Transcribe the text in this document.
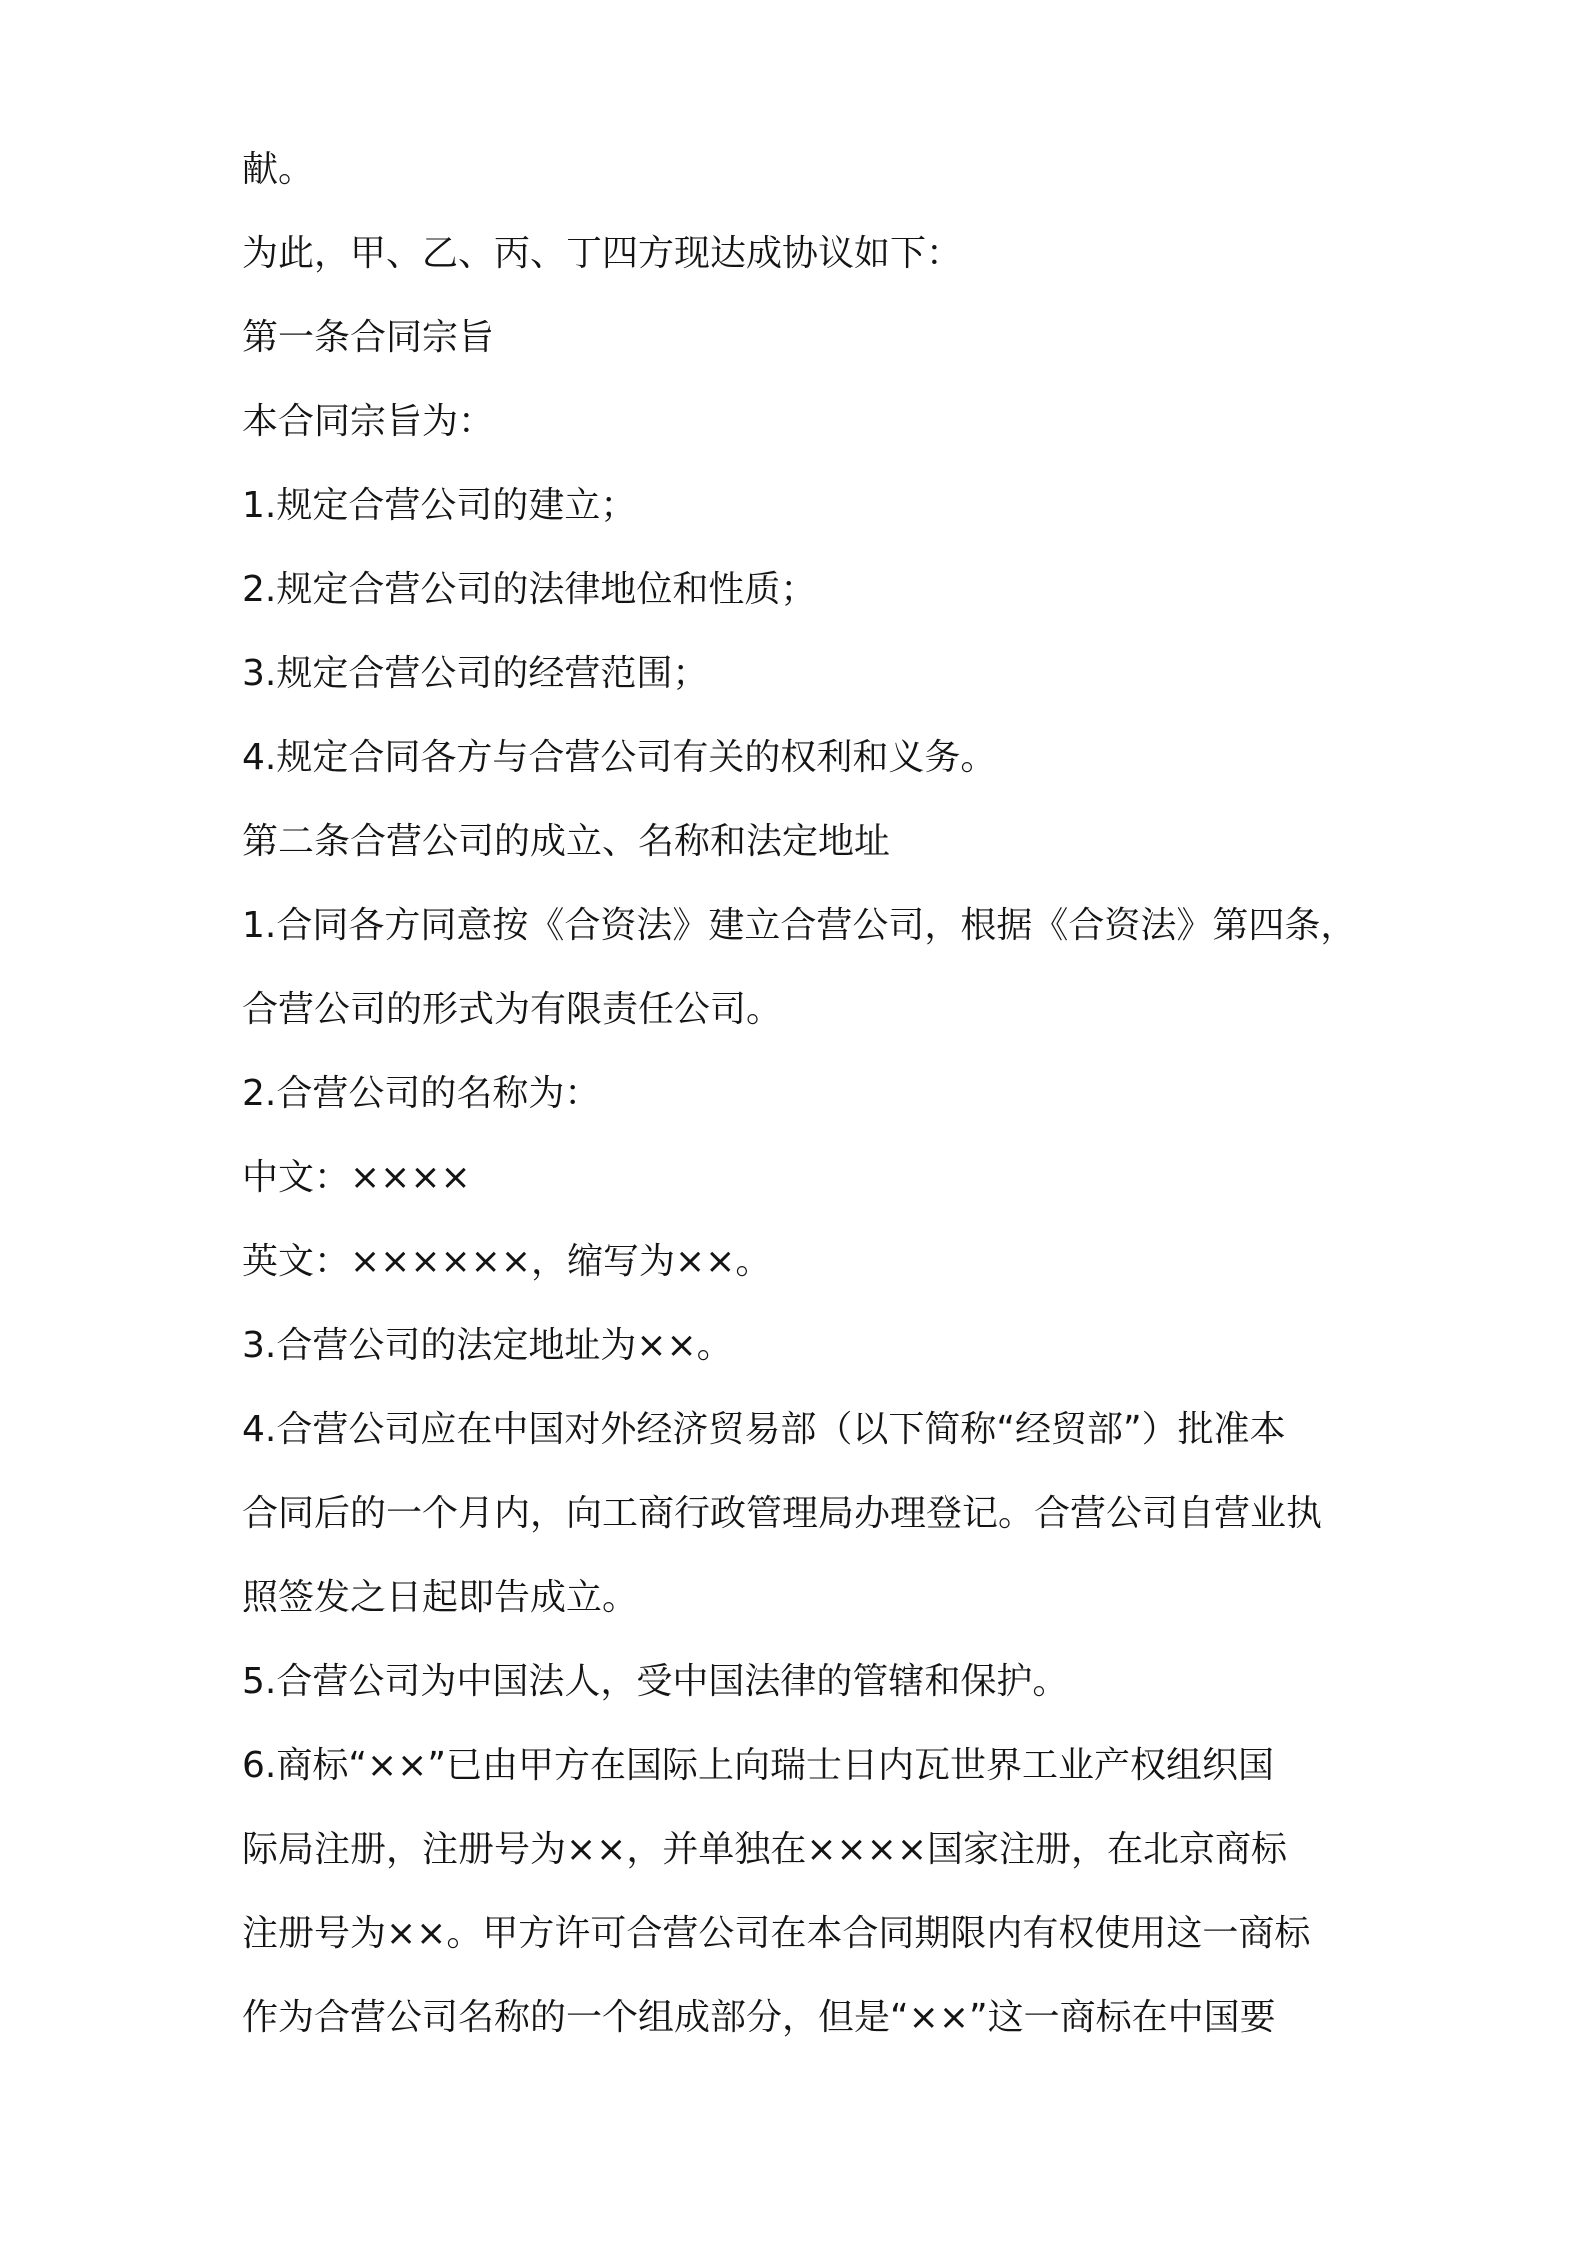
献。
为此，甲、乙、丙、丁四方现达成协议如下：
第一条合同宗旨
本合同宗旨为：
1.规定合营公司的建立；
2.规定合营公司的法律地位和性质；
3.规定合营公司的经营范围；
4.规定合同各方与合营公司有关的权利和义务。
第二条合营公司的成立、名称和法定地址
1.合同各方同意按《合资法》建立合营公司，根据《合资法》第四条，
合营公司的形式为有限责任公司。
2.合营公司的名称为：
中文：××××
英文：××××××，缩写为××。
3.合营公司的法定地址为××。
4.合营公司应在中国对外经济贸易部（以下简称“经贸部”）批准本
合同后的一个月内，向工商行政管理局办理登记。合营公司自营业执
照签发之日起即告成立。
5.合营公司为中国法人，受中国法律的管辖和保护。
6.商标“××”已由甲方在国际上向瑞士日内瓦世界工业产权组织国
际局注册，注册号为××，并单独在××××国家注册，在北京商标
注册号为××。甲方许可合营公司在本合同期限内有权使用这一商标
作为合营公司名称的一个组成部分，但是“××”这一商标在中国要
